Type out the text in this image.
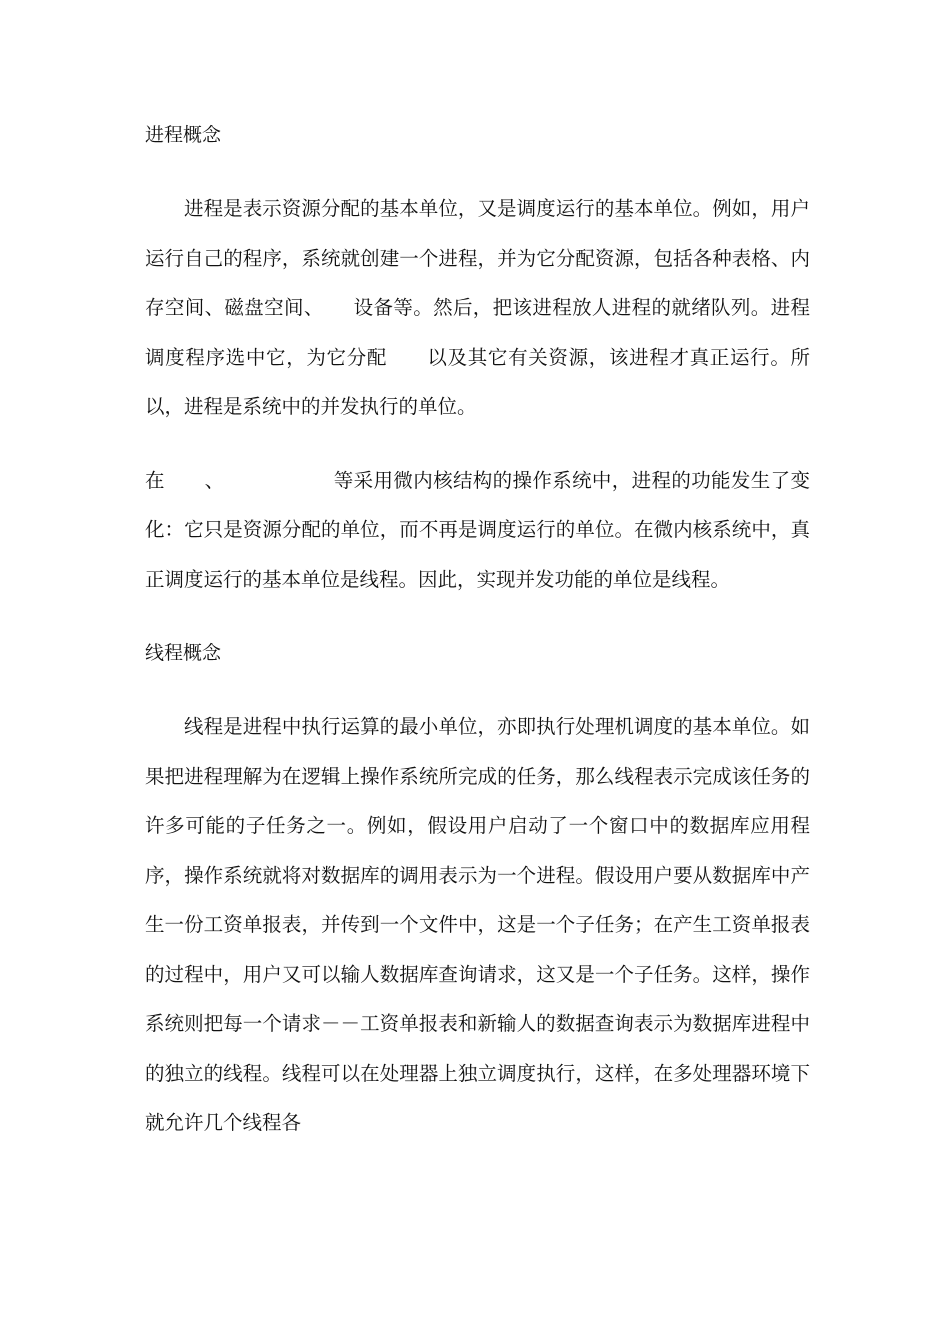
进程概念

进程是表示资源分配的基本单位，又是调度运行的基本单位。例如，用户运行自己的程序，系统就创建一个进程，并为它分配资源，包括各种表格、内存空间、磁盘空间、　　设备等。然后，把该进程放人进程的就绪队列。进程调度程序选中它，为它分配　　以及其它有关资源，该进程才真正运行。所以，进程是系统中的并发执行的单位。

在　　、　　　　　　等采用微内核结构的操作系统中，进程的功能发生了变化：它只是资源分配的单位，而不再是调度运行的单位。在微内核系统中，真正调度运行的基本单位是线程。因此，实现并发功能的单位是线程。

线程概念

线程是进程中执行运算的最小单位，亦即执行处理机调度的基本单位。如果把进程理解为在逻辑上操作系统所完成的任务，那么线程表示完成该任务的许多可能的子任务之一。例如，假设用户启动了一个窗口中的数据库应用程序，操作系统就将对数据库的调用表示为一个进程。假设用户要从数据库中产生一份工资单报表，并传到一个文件中，这是一个子任务；在产生工资单报表的过程中，用户又可以输人数据库查询请求，这又是一个子任务。这样，操作系统则把每一个请求－－工资单报表和新输人的数据查询表示为数据库进程中的独立的线程。线程可以在处理器上独立调度执行，这样，在多处理器环境下就允许几个线程各
